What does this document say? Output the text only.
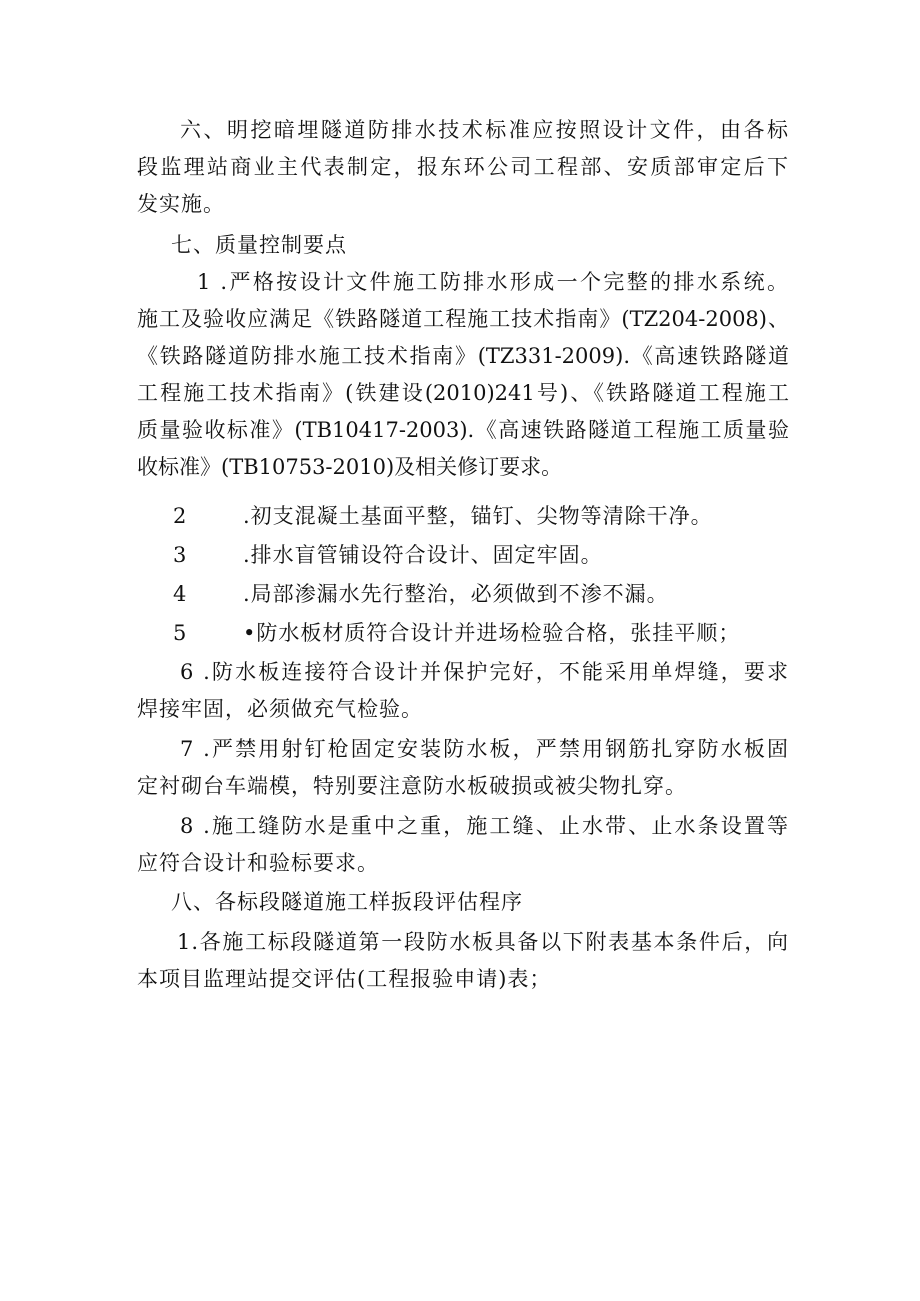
六、明挖暗埋隧道防排水技术标准应按照设计文件，由各标
段监理站商业主代表制定，报东环公司工程部、安质部审定后下
发实施。
七、质量控制要点
1 .严格按设计文件施工防排水形成一个完整的排水系统。
施工及验收应满足《铁路隧道工程施工技术指南》(TZ204-2008)、
《铁路隧道防排水施工技术指南》(TZ331-2009).《高速铁路隧道
工程施工技术指南》(铁建设(2010)241号)、《铁路隧道工程施工
质量验收标准》(TB10417-2003).《高速铁路隧道工程施工质量验
收标准》(TB10753-2010)及相关修订要求。
2	.初支混凝土基面平整，锚钉、尖物等清除干净。
3	.排水盲管铺设符合设计、固定牢固。
4	.局部渗漏水先行整治，必须做到不渗不漏。
5	•防水板材质符合设计并进场检验合格，张挂平顺；
6 .防水板连接符合设计并保护完好，不能采用单焊缝，要求
焊接牢固，必须做充气检验。
7 .严禁用射钉枪固定安装防水板，严禁用钢筋扎穿防水板固
定衬砌台车端模，特别要注意防水板破损或被尖物扎穿。
8 .施工缝防水是重中之重，施工缝、止水带、止水条设置等
应符合设计和验标要求。
八、各标段隧道施工样扳段评估程序
1.各施工标段隧道第一段防水板具备以下附表基本条件后，向
本项目监理站提交评估(工程报验申请)表；
